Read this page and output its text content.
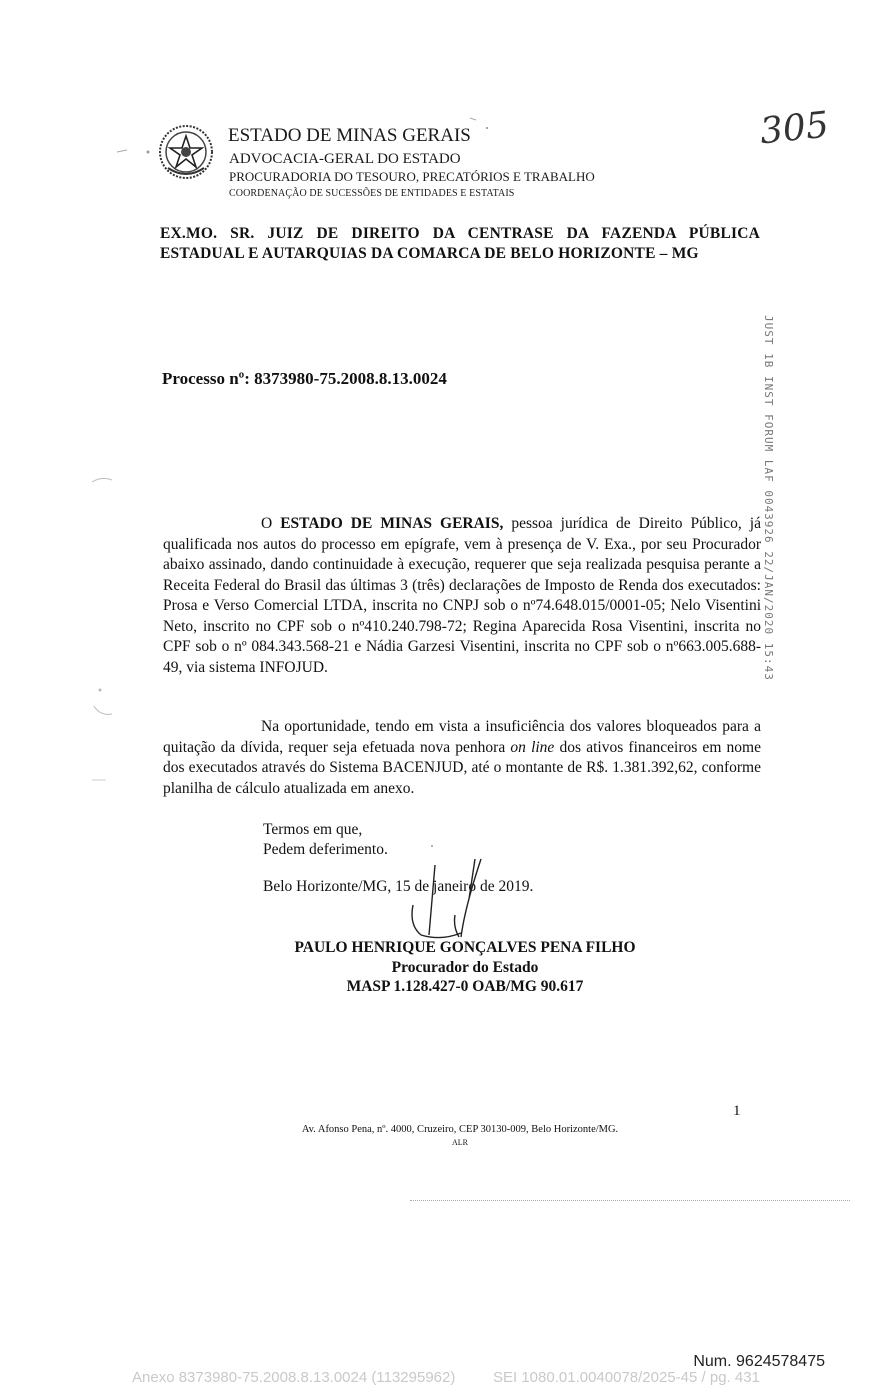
ESTADO DE MINAS GERAIS
ADVOCACIA-GERAL DO ESTADO
PROCURADORIA DO TESOURO, PRECATÓRIOS E TRABALHO
COORDENAÇÃO DE SUCESSÕES DE ENTIDADES E ESTATAIS
305
EX.MO. SR. JUIZ DE DIREITO DA CENTRASE DA FAZENDA PÚBLICA ESTADUAL E AUTARQUIAS DA COMARCA DE BELO HORIZONTE – MG
Processo nº: 8373980-75.2008.8.13.0024	JUST 1B INST FORUM LAF 0043926 22/JAN/2020 15:43
O ESTADO DE MINAS GERAIS, pessoa jurídica de Direito Público, já qualificada nos autos do processo em epígrafe, vem à presença de V. Exa., por seu Procurador abaixo assinado, dando continuidade à execução, requerer que seja realizada pesquisa perante a Receita Federal do Brasil das últimas 3 (três) declarações de Imposto de Renda dos executados: Prosa e Verso Comercial LTDA, inscrita no CNPJ sob o nº74.648.015/0001-05; Nelo Visentini Neto, inscrito no CPF sob o nº410.240.798-72; Regina Aparecida Rosa Visentini, inscrita no CPF sob o nº 084.343.568-21 e Nádia Garzesi Visentini, inscrita no CPF sob o nº663.005.688-49, via sistema INFOJUD.
Na oportunidade, tendo em vista a insuficiência dos valores bloqueados para a quitação da dívida, requer seja efetuada nova penhora on line dos ativos financeiros em nome dos executados através do Sistema BACENJUD, até o montante de R$. 1.381.392,62, conforme planilha de cálculo atualizada em anexo.
Termos em que,
Pedem deferimento.
Belo Horizonte/MG, 15 de janeiro de 2019.
PAULO HENRIQUE GONÇALVES PENA FILHO
Procurador do Estado
MASP 1.128.427-0 OAB/MG 90.617
1
Av. Afonso Pena, nº. 4000, Cruzeiro, CEP 30130-009, Belo Horizonte/MG.
ALR
Num. 9624578475
Anexo 8373980-75.2008.8.13.0024 (113295962)	SEI 1080.01.0040078/2025-45 / pg. 431
